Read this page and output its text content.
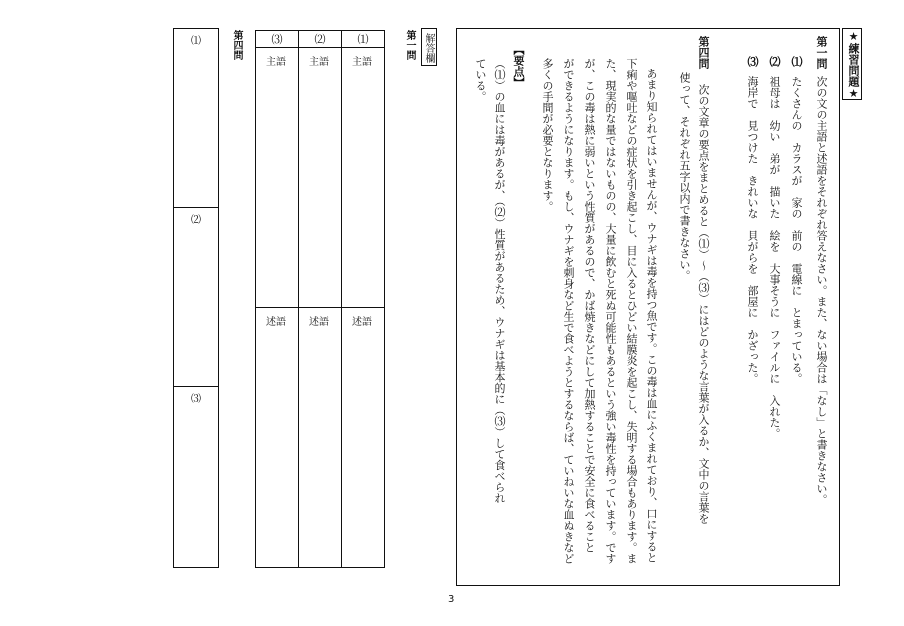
★練習問題★
第一問
次の文の主語と述語をそれぞれ答えなさい。また、ない場合は「なし」と書きなさい。
⑴
たくさんの　カラスが　家の　前の　電線に　とまっている。
⑵
祖母は　幼い　弟が　描いた　絵を　大事そうに　ファイルに　入れた。
⑶
海岸で　見つけた　きれいな　貝がらを　部屋に　かざった。
第四問
次の文章の要点をまとめると（⑴）～（⑶）にはどのような言葉が入るか、文中の言葉を
使って、それぞれ五字以内で書きなさい。
あまり知られてはいませんが、ウナギは毒を持つ魚です。この毒は血にふくまれており、口にすると
下痢や嘔吐などの症状を引き起こし、目に入るとひどい結膜炎を起こし、失明する場合もあります。ま
た、現実的な量ではないものの、大量に飲むと死ぬ可能性もあるという強い毒性を持っています。です
が、この毒は熱に弱いという性質があるので、かば焼きなどにして加熱することで安全に食べること
ができるようになります。もし、ウナギを刺身など生で食べようとするならば、ていねいな血ぬきなど
多くの手間が必要となります。
【要点】
（⑴）の血には毒があるが、（⑵）性質があるため、ウナギは基本的に（⑶）して食べられ
ている。
解答欄
第一問
⑶	⑵	⑴
主語 主語 主語
述語 述語 述語
第四問
⑴
⑵
⑶
3
